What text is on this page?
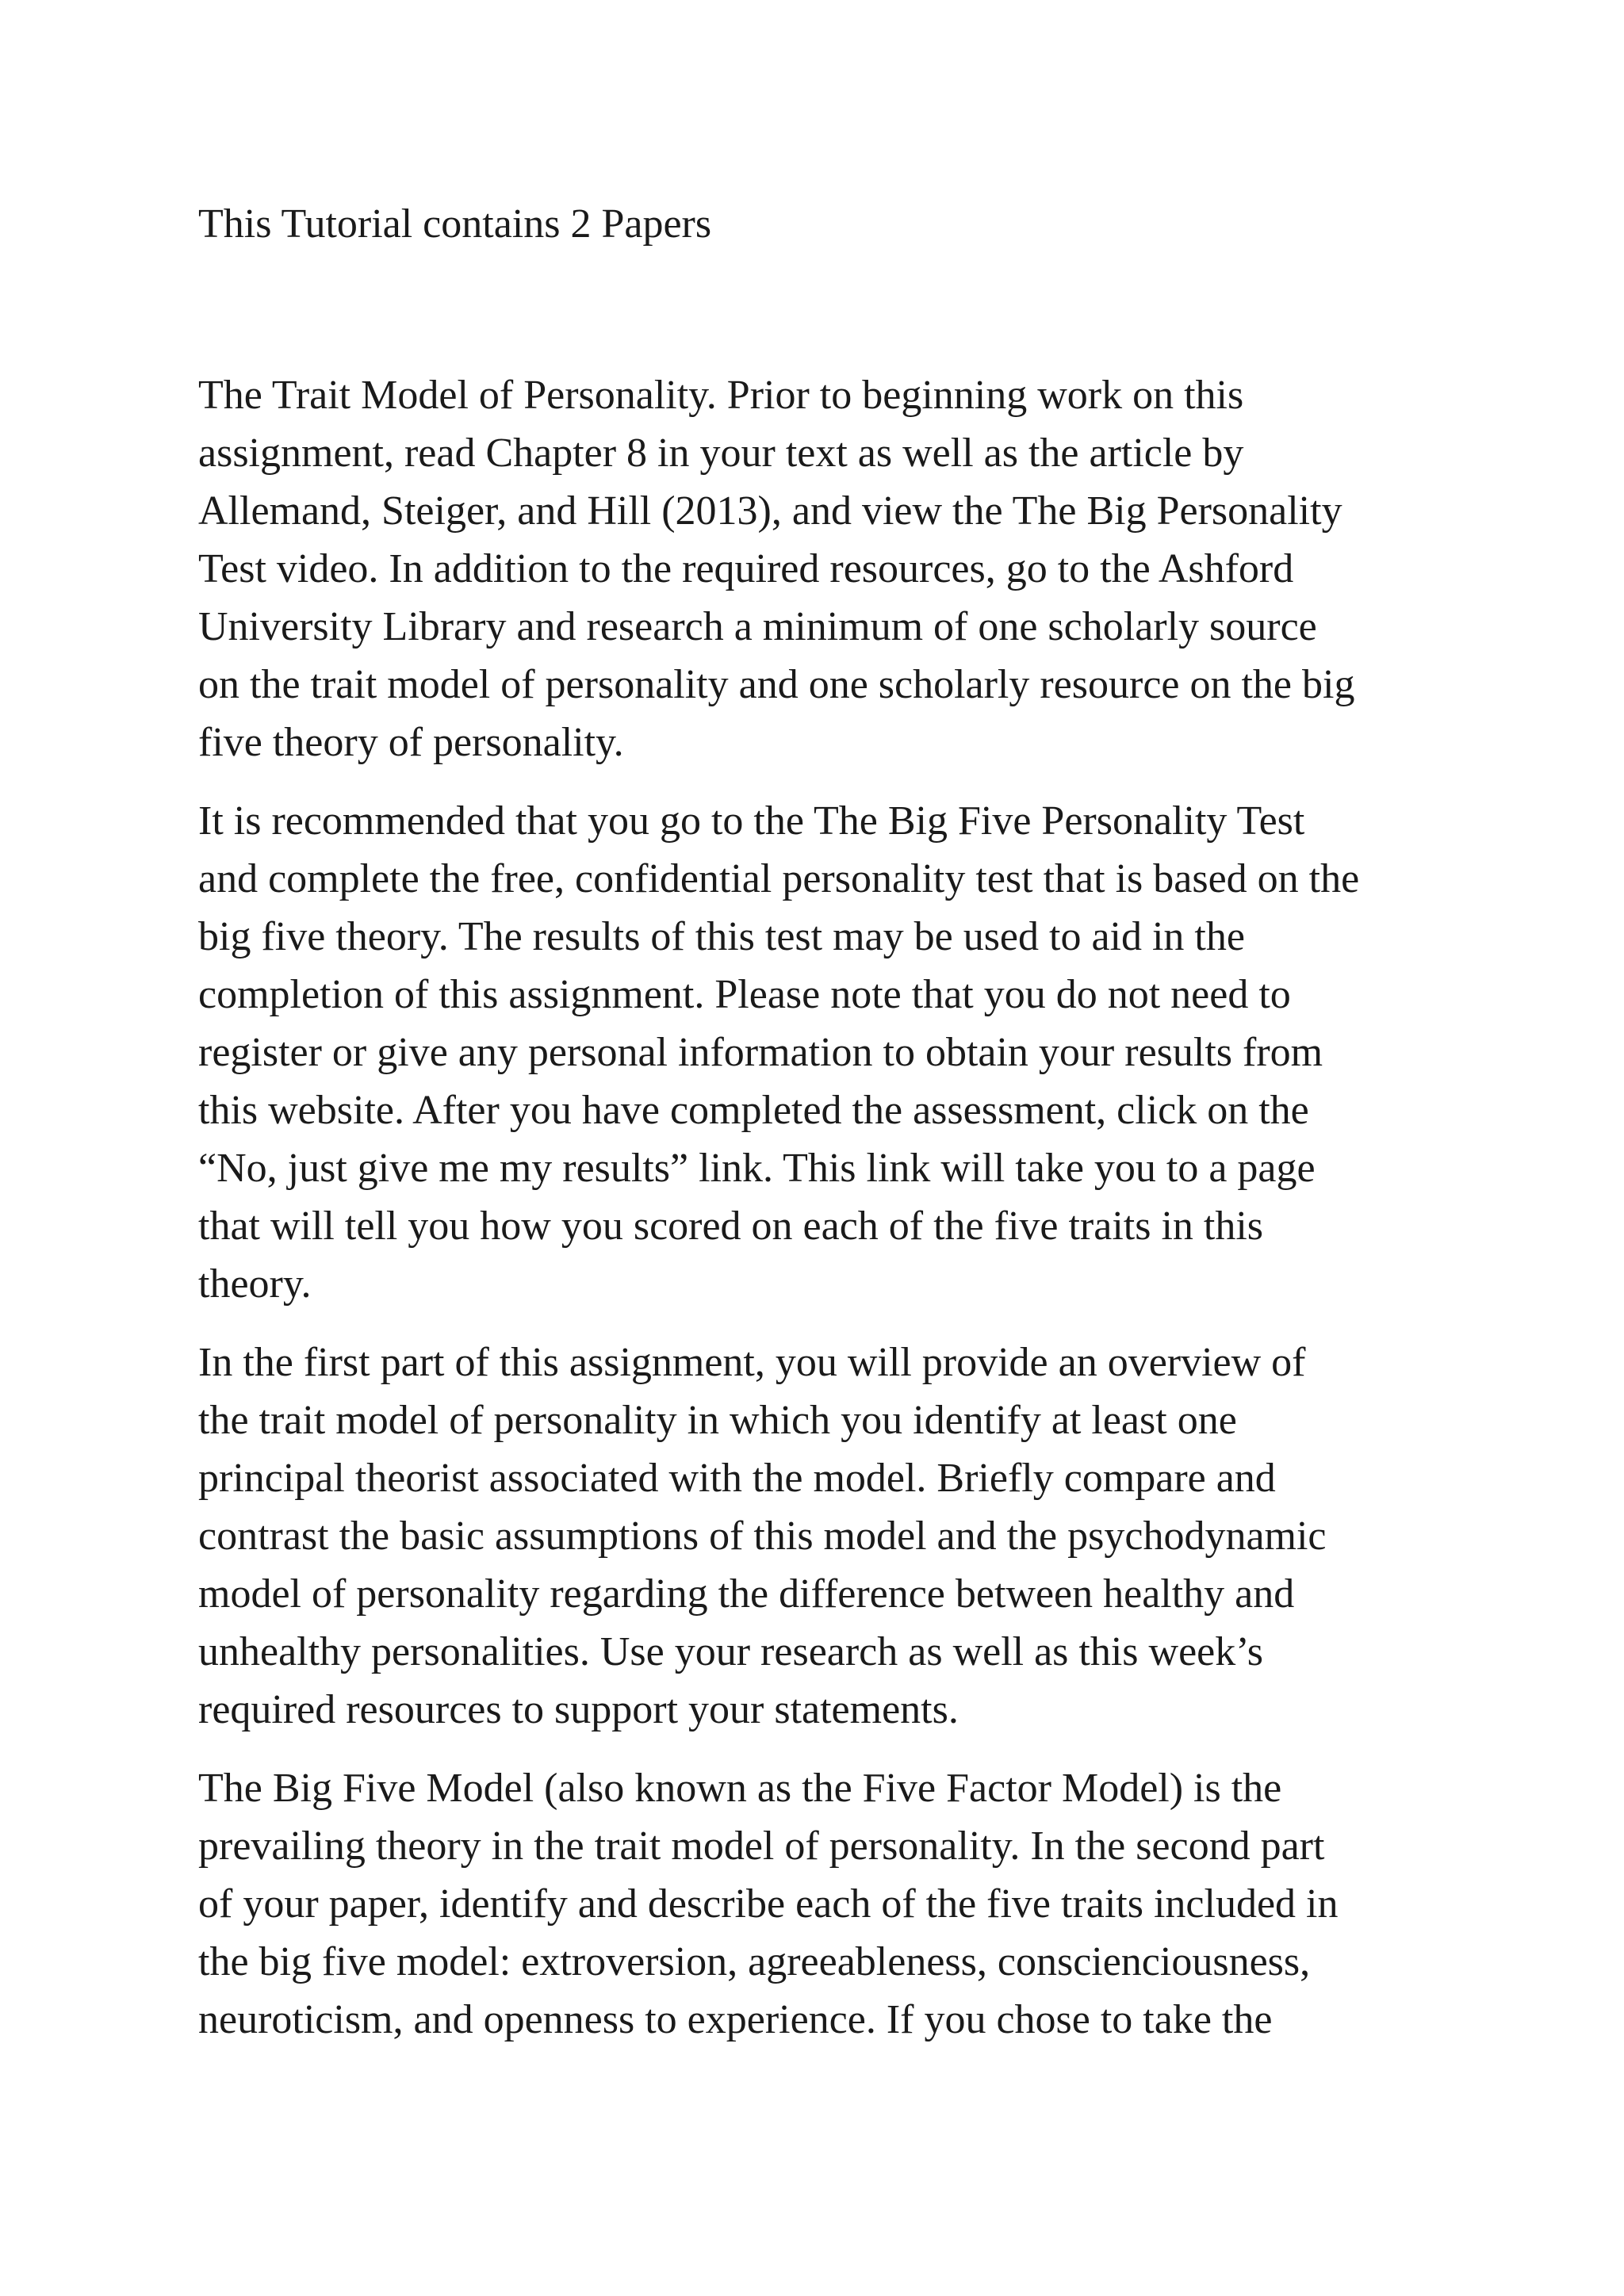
This Tutorial contains 2 Papers

The Trait Model of Personality. Prior to beginning work on this
assignment, read Chapter 8 in your text as well as the article by
Allemand, Steiger, and Hill (2013), and view the The Big Personality
Test video. In addition to the required resources, go to the Ashford
University Library and research a minimum of one scholarly source
on the trait model of personality and one scholarly resource on the big
five theory of personality.

It is recommended that you go to the The Big Five Personality Test
and complete the free, confidential personality test that is based on the
big five theory. The results of this test may be used to aid in the
completion of this assignment. Please note that you do not need to
register or give any personal information to obtain your results from
this website. After you have completed the assessment, click on the
“No, just give me my results” link. This link will take you to a page
that will tell you how you scored on each of the five traits in this
theory.

In the first part of this assignment, you will provide an overview of
the trait model of personality in which you identify at least one
principal theorist associated with the model. Briefly compare and
contrast the basic assumptions of this model and the psychodynamic
model of personality regarding the difference between healthy and
unhealthy personalities. Use your research as well as this week’s
required resources to support your statements.

The Big Five Model (also known as the Five Factor Model) is the
prevailing theory in the trait model of personality. In the second part
of your paper, identify and describe each of the five traits included in
the big five model: extroversion, agreeableness, conscienciousness,
neuroticism, and openness to experience. If you chose to take the
